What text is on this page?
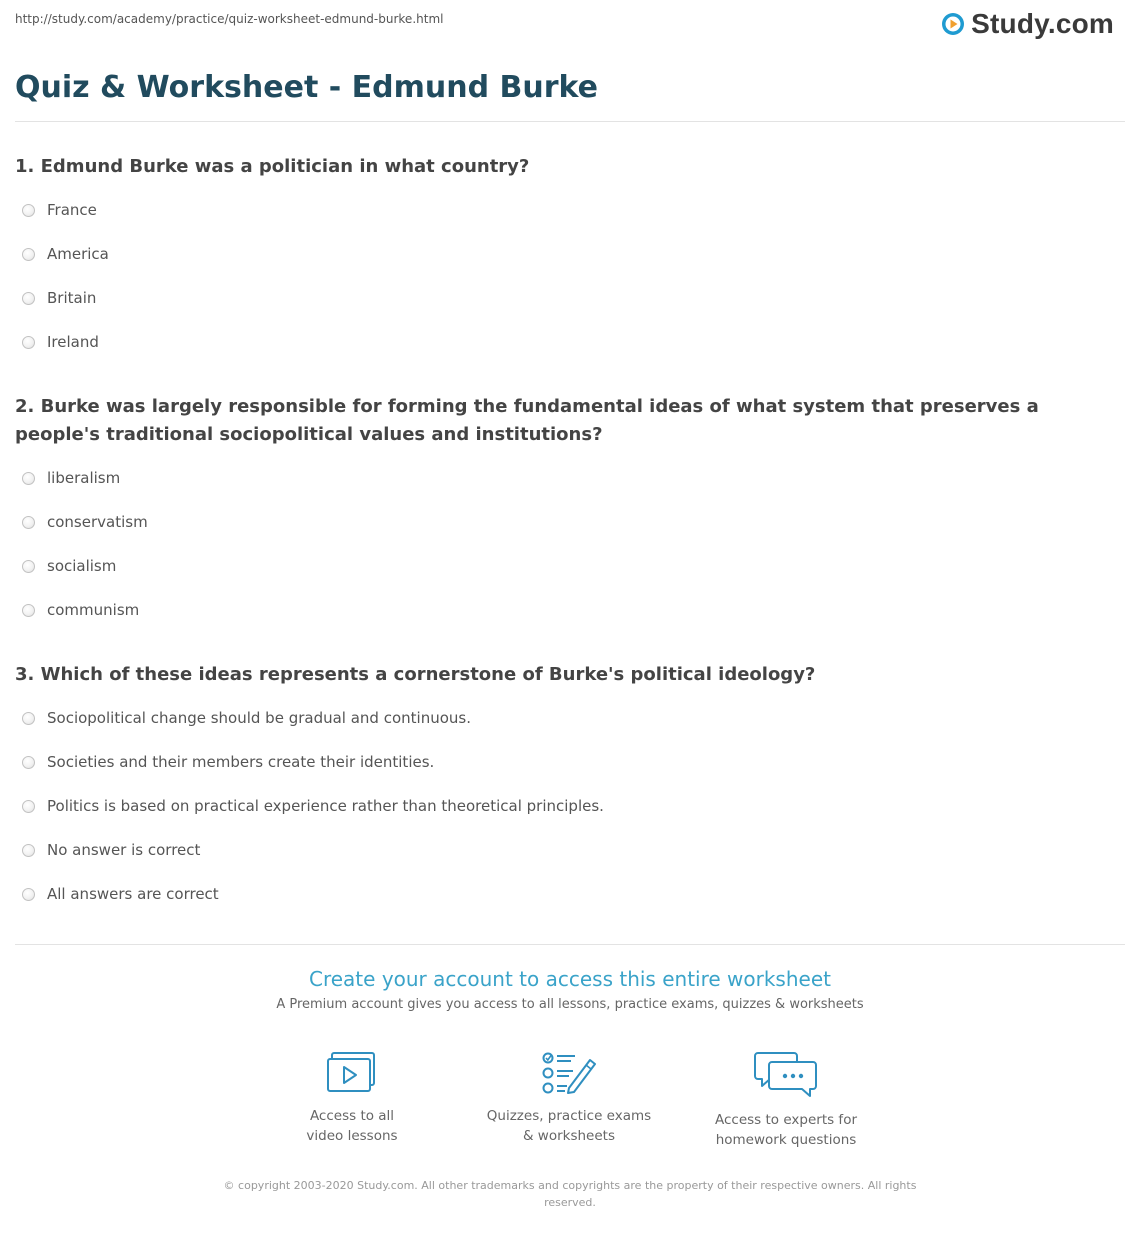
http://study.com/academy/practice/quiz-worksheet-edmund-burke.html	Study.com
Quiz & Worksheet - Edmund Burke
1. Edmund Burke was a politician in what country?
France
America
Britain
Ireland
2. Burke was largely responsible for forming the fundamental ideas of what system that preserves a people's traditional sociopolitical values and institutions?
liberalism
conservatism
socialism
communism
3. Which of these ideas represents a cornerstone of Burke's political ideology?
Sociopolitical change should be gradual and continuous.
Societies and their members create their identities.
Politics is based on practical experience rather than theoretical principles.
No answer is correct
All answers are correct
Create your account to access this entire worksheet
A Premium account gives you access to all lessons, practice exams, quizzes & worksheets
Access to all
video lessons
Quizzes, practice exams
& worksheets
Access to experts for
homework questions
© copyright 2003-2020 Study.com. All other trademarks and copyrights are the property of their respective owners. All rights reserved.
